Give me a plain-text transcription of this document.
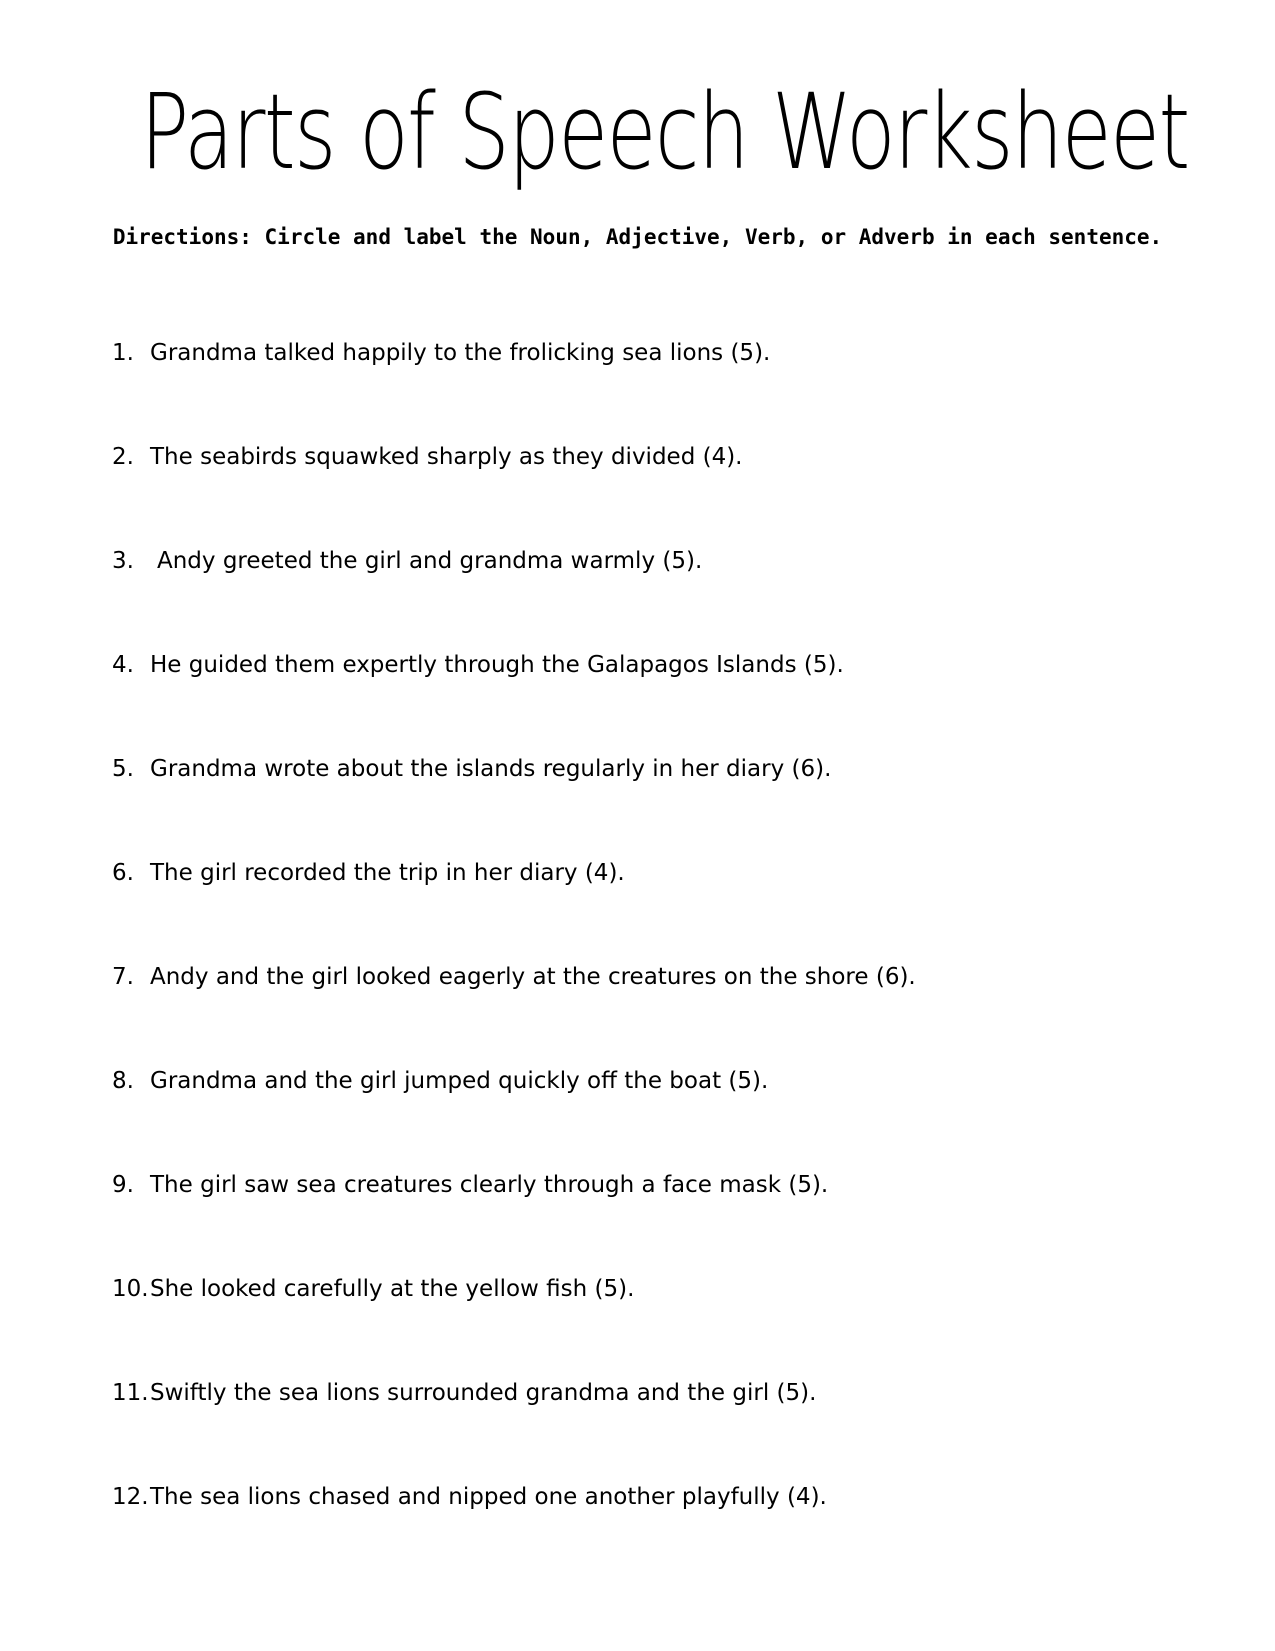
Parts of Speech Worksheet
Directions: Circle and label the Noun, Adjective, Verb, or Adverb in each sentence.
1. Grandma talked happily to the frolicking sea lions (5).
2. The seabirds squawked sharply as they divided (4).
3. Andy greeted the girl and grandma warmly (5).
4. He guided them expertly through the Galapagos Islands (5).
5. Grandma wrote about the islands regularly in her diary (6).
6. The girl recorded the trip in her diary (4).
7. Andy and the girl looked eagerly at the creatures on the shore (6).
8. Grandma and the girl jumped quickly off the boat (5).
9. The girl saw sea creatures clearly through a face mask (5).
10. She looked carefully at the yellow fish (5).
11. Swiftly the sea lions surrounded grandma and the girl (5).
12. The sea lions chased and nipped one another playfully (4).
